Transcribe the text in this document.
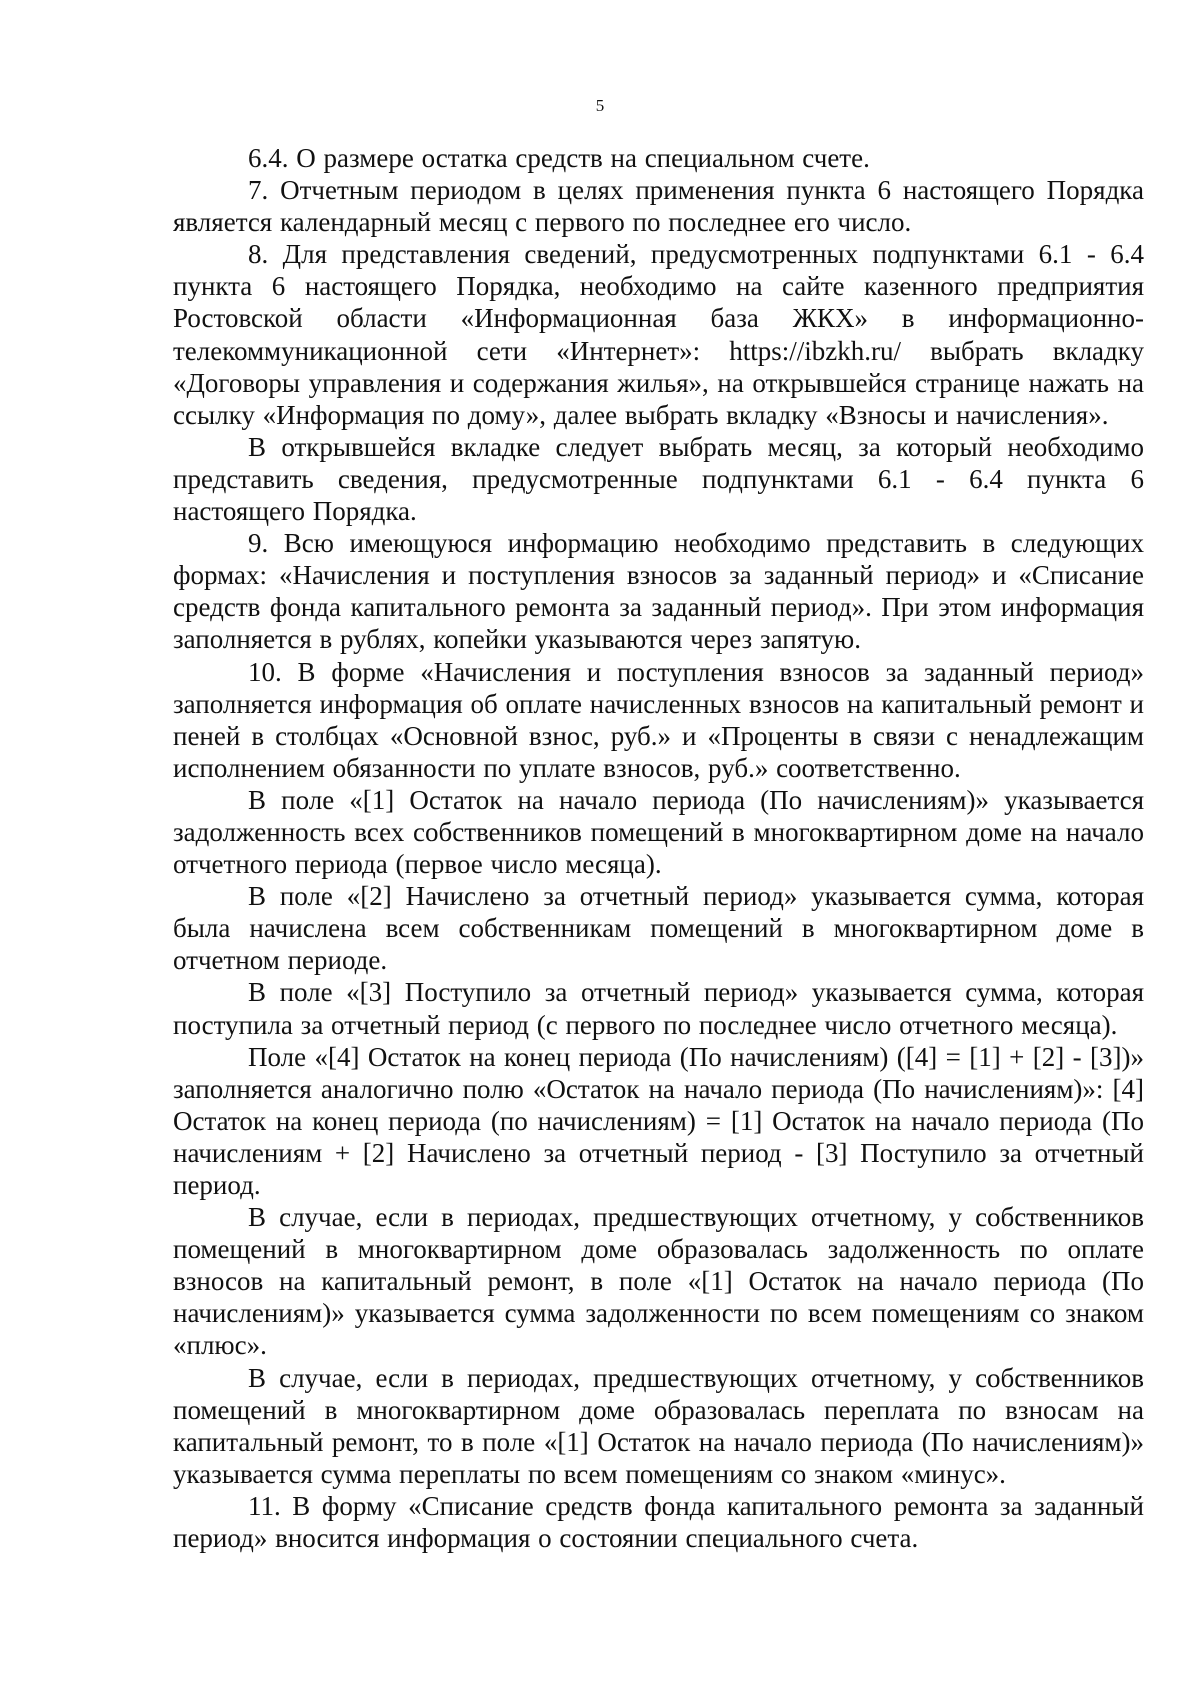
5

6.4. О размере остатка средств на специальном счете.

7. Отчетным периодом в целях применения пункта 6 настоящего Порядка является календарный месяц с первого по последнее его число.

8. Для представления сведений, предусмотренных подпунктами 6.1 - 6.4 пункта 6 настоящего Порядка, необходимо на сайте казенного предприятия Ростовской области «Информационная база ЖКХ» в информационно-телекоммуникационной сети «Интернет»: https://ibzkh.ru/ выбрать вкладку «Договоры управления и содержания жилья», на открывшейся странице нажать на ссылку «Информация по дому», далее выбрать вкладку «Взносы и начисления».

В открывшейся вкладке следует выбрать месяц, за который необходимо представить сведения, предусмотренные подпунктами 6.1 - 6.4 пункта 6 настоящего Порядка.

9. Всю имеющуюся информацию необходимо представить в следующих формах: «Начисления и поступления взносов за заданный период» и «Списание средств фонда капитального ремонта за заданный период». При этом информация заполняется в рублях, копейки указываются через запятую.

10. В форме «Начисления и поступления взносов за заданный период» заполняется информация об оплате начисленных взносов на капитальный ремонт и пеней в столбцах «Основной взнос, руб.» и «Проценты в связи с ненадлежащим исполнением обязанности по уплате взносов, руб.» соответственно.

В поле «[1] Остаток на начало периода (По начислениям)» указывается задолженность всех собственников помещений в многоквартирном доме на начало отчетного периода (первое число месяца).

В поле «[2] Начислено за отчетный период» указывается сумма, которая была начислена всем собственникам помещений в многоквартирном доме в отчетном периоде.

В поле «[3] Поступило за отчетный период» указывается сумма, которая поступила за отчетный период (с первого по последнее число отчетного месяца).

Поле «[4] Остаток на конец периода (По начислениям) ([4] = [1] + [2] - [3])» заполняется аналогично полю «Остаток на начало периода (По начислениям)»: [4] Остаток на конец периода (по начислениям) = [1] Остаток на начало периода (По начислениям + [2] Начислено за отчетный период - [3] Поступило за отчетный период.

В случае, если в периодах, предшествующих отчетному, у собственников помещений в многоквартирном доме образовалась задолженность по оплате взносов на капитальный ремонт, в поле «[1] Остаток на начало периода (По начислениям)» указывается сумма задолженности по всем помещениям со знаком «плюс».

В случае, если в периодах, предшествующих отчетному, у собственников помещений в многоквартирном доме образовалась переплата по взносам на капитальный ремонт, то в поле «[1] Остаток на начало периода (По начислениям)» указывается сумма переплаты по всем помещениям со знаком «минус».

11. В форму «Списание средств фонда капитального ремонта за заданный период» вносится информация о состоянии специального счета.
